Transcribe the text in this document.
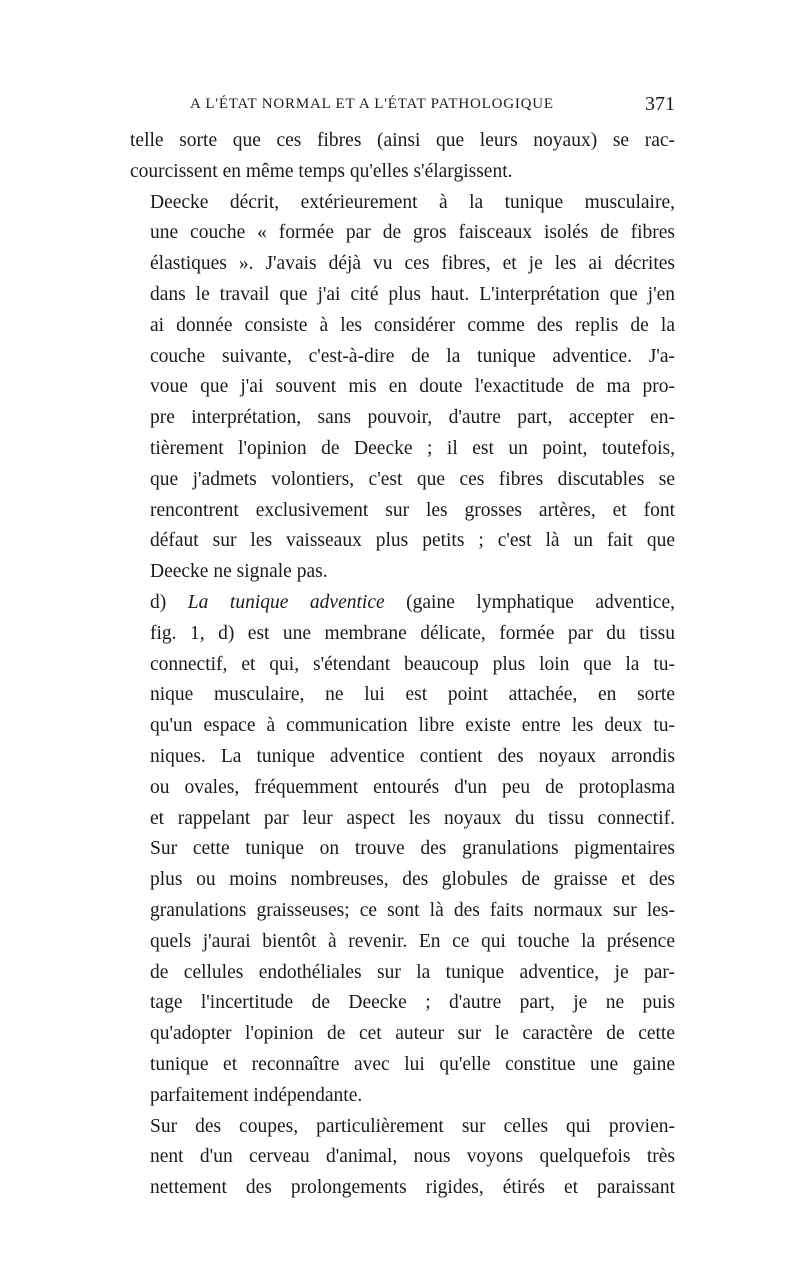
A L'ÉTAT NORMAL ET A L'ÉTAT PATHOLOGIQUE	371

telle sorte que ces fibres (ainsi que leurs noyaux) se rac-
courcissent en même temps qu'elles s'élargissent.

Deecke décrit, extérieurement à la tunique musculaire,
une couche « formée par de gros faisceaux isolés de fibres
élastiques ». J'avais déjà vu ces fibres, et je les ai décrites
dans le travail que j'ai cité plus haut. L'interprétation que j'en
ai donnée consiste à les considérer comme des replis de la
couche suivante, c'est-à-dire de la tunique adventice. J'a-
voue que j'ai souvent mis en doute l'exactitude de ma pro-
pre interprétation, sans pouvoir, d'autre part, accepter en-
tièrement l'opinion de Deecke ; il est un point, toutefois,
que j'admets volontiers, c'est que ces fibres discutables se
rencontrent exclusivement sur les grosses artères, et font
défaut sur les vaisseaux plus petits ; c'est là un fait que
Deecke ne signale pas.

d) La tunique adventice (gaine lymphatique adventice,
fig. 1, d) est une membrane délicate, formée par du tissu
connectif, et qui, s'étendant beaucoup plus loin que la tu-
nique musculaire, ne lui est point attachée, en sorte
qu'un espace à communication libre existe entre les deux tu-
niques. La tunique adventice contient des noyaux arrondis
ou ovales, fréquemment entourés d'un peu de protoplasma
et rappelant par leur aspect les noyaux du tissu connectif.
Sur cette tunique on trouve des granulations pigmentaires
plus ou moins nombreuses, des globules de graisse et des
granulations graisseuses; ce sont là des faits normaux sur les-
quels j'aurai bientôt à revenir. En ce qui touche la présence
de cellules endothéliales sur la tunique adventice, je par-
tage l'incertitude de Deecke ; d'autre part, je ne puis
qu'adopter l'opinion de cet auteur sur le caractère de cette
tunique et reconnaître avec lui qu'elle constitue une gaine
parfaitement indépendante.

Sur des coupes, particulièrement sur celles qui provien-
nent d'un cerveau d'animal, nous voyons quelquefois très
nettement des prolongements rigides, étirés et paraissant
